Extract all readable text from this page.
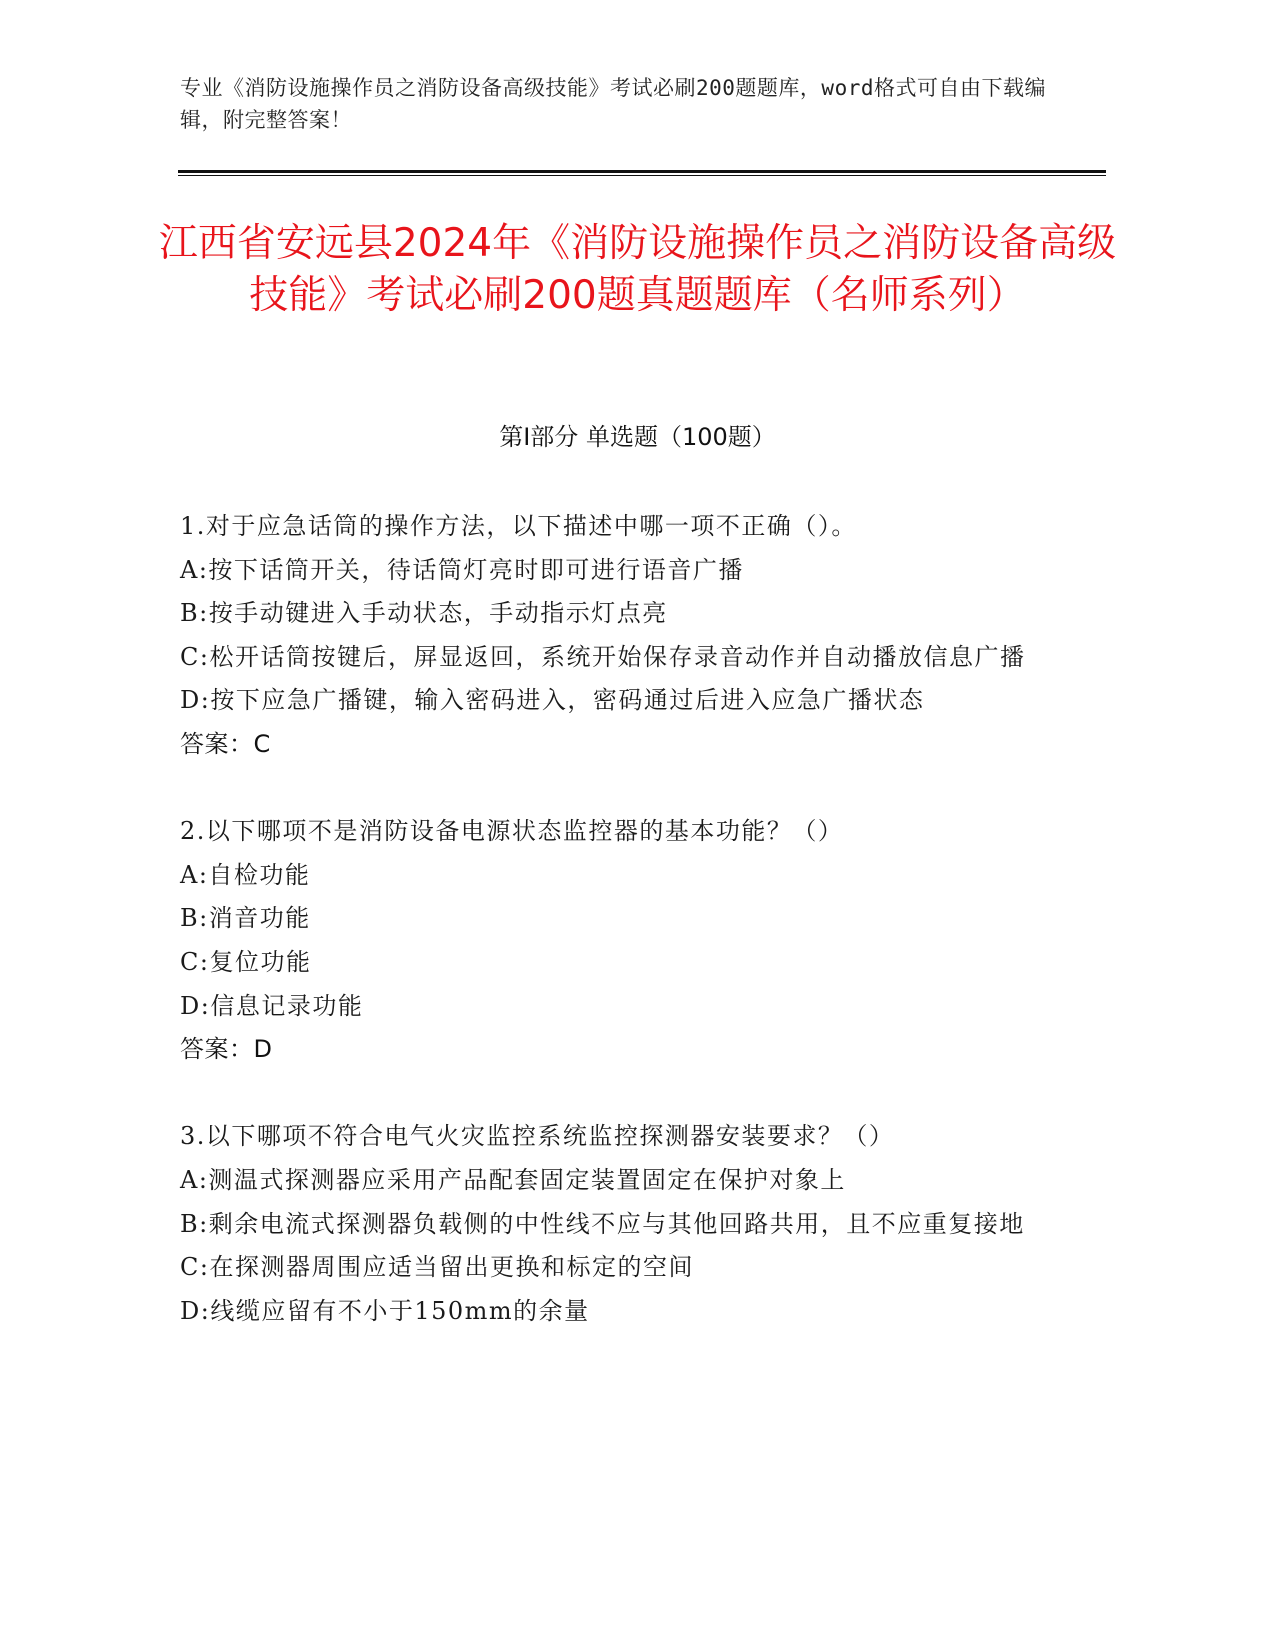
专业《消防设施操作员之消防设备高级技能》考试必刷200题题库，word格式可自由下载编辑，附完整答案！
江西省安远县2024年《消防设施操作员之消防设备高级技能》考试必刷200题真题题库（名师系列）
第I部分 单选题（100题）
1.对于应急话筒的操作方法，以下描述中哪一项不正确（）。
A:按下话筒开关，待话筒灯亮时即可进行语音广播
B:按手动键进入手动状态，手动指示灯点亮
C:松开话筒按键后，屏显返回，系统开始保存录音动作并自动播放信息广播
D:按下应急广播键，输入密码进入，密码通过后进入应急广播状态
答案：C
2.以下哪项不是消防设备电源状态监控器的基本功能？（）
A:自检功能
B:消音功能
C:复位功能
D:信息记录功能
答案：D
3.以下哪项不符合电气火灾监控系统监控探测器安装要求？（）
A:测温式探测器应采用产品配套固定装置固定在保护对象上
B:剩余电流式探测器负载侧的中性线不应与其他回路共用，且不应重复接地
C:在探测器周围应适当留出更换和标定的空间
D:线缆应留有不小于150mm的余量
